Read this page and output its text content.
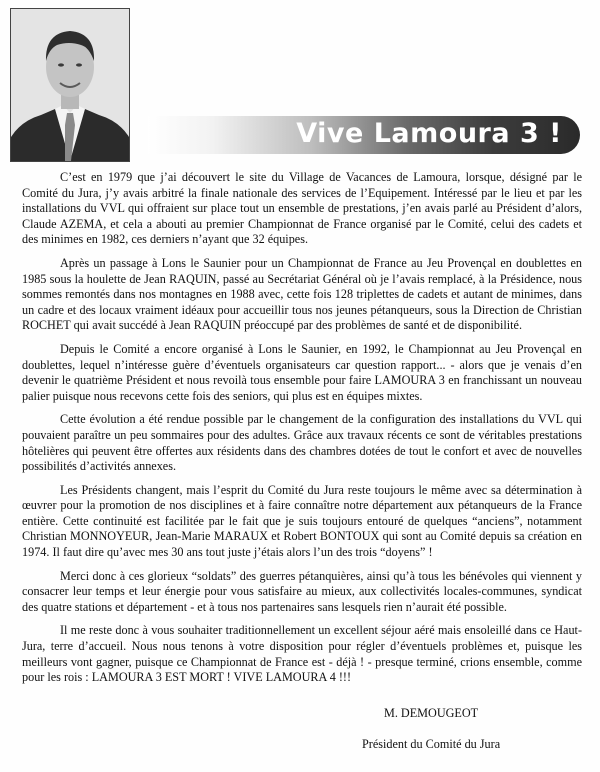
Vive Lamoura 3 !

C’est en 1979 que j’ai découvert le site du Village de Vacances de Lamoura, lorsque, désigné par le Comité du Jura, j’y avais arbitré la finale nationale des services de l’Equipement. Intéressé par le lieu et par les installations du VVL qui offraient sur place tout un ensemble de prestations, j’en avais parlé au Président d’alors, Claude AZEMA, et cela a abouti au premier Championnat de France organisé par le Comité, celui des cadets et des minimes en 1982, ces derniers n’ayant que 32 équipes.

Après un passage à Lons le Saunier pour un Championnat de France au Jeu Provençal en doublettes en 1985 sous la houlette de Jean RAQUIN, passé au Secrétariat Général où je l’avais remplacé, à la Présidence, nous sommes remontés dans nos montagnes en 1988 avec, cette fois 128 triplettes de cadets et autant de minimes, dans un cadre et des locaux vraiment idéaux pour accueillir tous nos jeunes pétanqueurs, sous la Direction de Christian ROCHET qui avait succédé à Jean RAQUIN préoccupé par des problèmes de santé et de disponibilité.

Depuis le Comité a encore organisé à Lons le Saunier, en 1992, le Championnat au Jeu Provençal en doublettes, lequel n’intéresse guère d’éventuels organisateurs car question rapport... - alors que je venais d’en devenir le quatrième Président et nous revoilà tous ensemble pour faire LAMOURA 3 en franchissant un nouveau palier puisque nous recevons cette fois des seniors, qui plus est en équipes mixtes.

Cette évolution a été rendue possible par le changement de la configuration des installations du VVL qui pouvaient paraître un peu sommaires pour des adultes. Grâce aux travaux récents ce sont de véritables prestations hôtelières qui peuvent être offertes aux résidents dans des chambres dotées de tout le confort et avec de nouvelles possibilités d’activités annexes.

Les Présidents changent, mais l’esprit du Comité du Jura reste toujours le même avec sa détermination à œuvrer pour la promotion de nos disciplines et à faire connaître notre département aux pétanqueurs de la France entière. Cette continuité est facilitée par le fait que je suis toujours entouré de quelques “anciens”, notamment Christian MONNOYEUR, Jean-Marie MARAUX et Robert BONTOUX qui sont au Comité depuis sa création en 1974. Il faut dire qu’avec mes 30 ans tout juste j’étais alors l’un des trois “doyens” !

Merci donc à ces glorieux “soldats” des guerres pétanquières, ainsi qu’à tous les bénévoles qui viennent y consacrer leur temps et leur énergie pour vous satisfaire au mieux, aux collectivités locales-communes, syndicat des quatre stations et département - et à tous nos partenaires sans lesquels rien n’aurait été possible.

Il me reste donc à vous souhaiter traditionnellement un excellent séjour aéré mais ensoleillé dans ce Haut-Jura, terre d’accueil. Nous nous tenons à votre disposition pour régler d’éventuels problèmes et, puisque les meilleurs vont gagner, puisque ce Championnat de France est - déjà ! - presque terminé, crions ensemble, comme pour les rois : LAMOURA 3 EST MORT ! VIVE LAMOURA 4 !!!

M. DEMOUGEOT
Président du Comité du Jura
